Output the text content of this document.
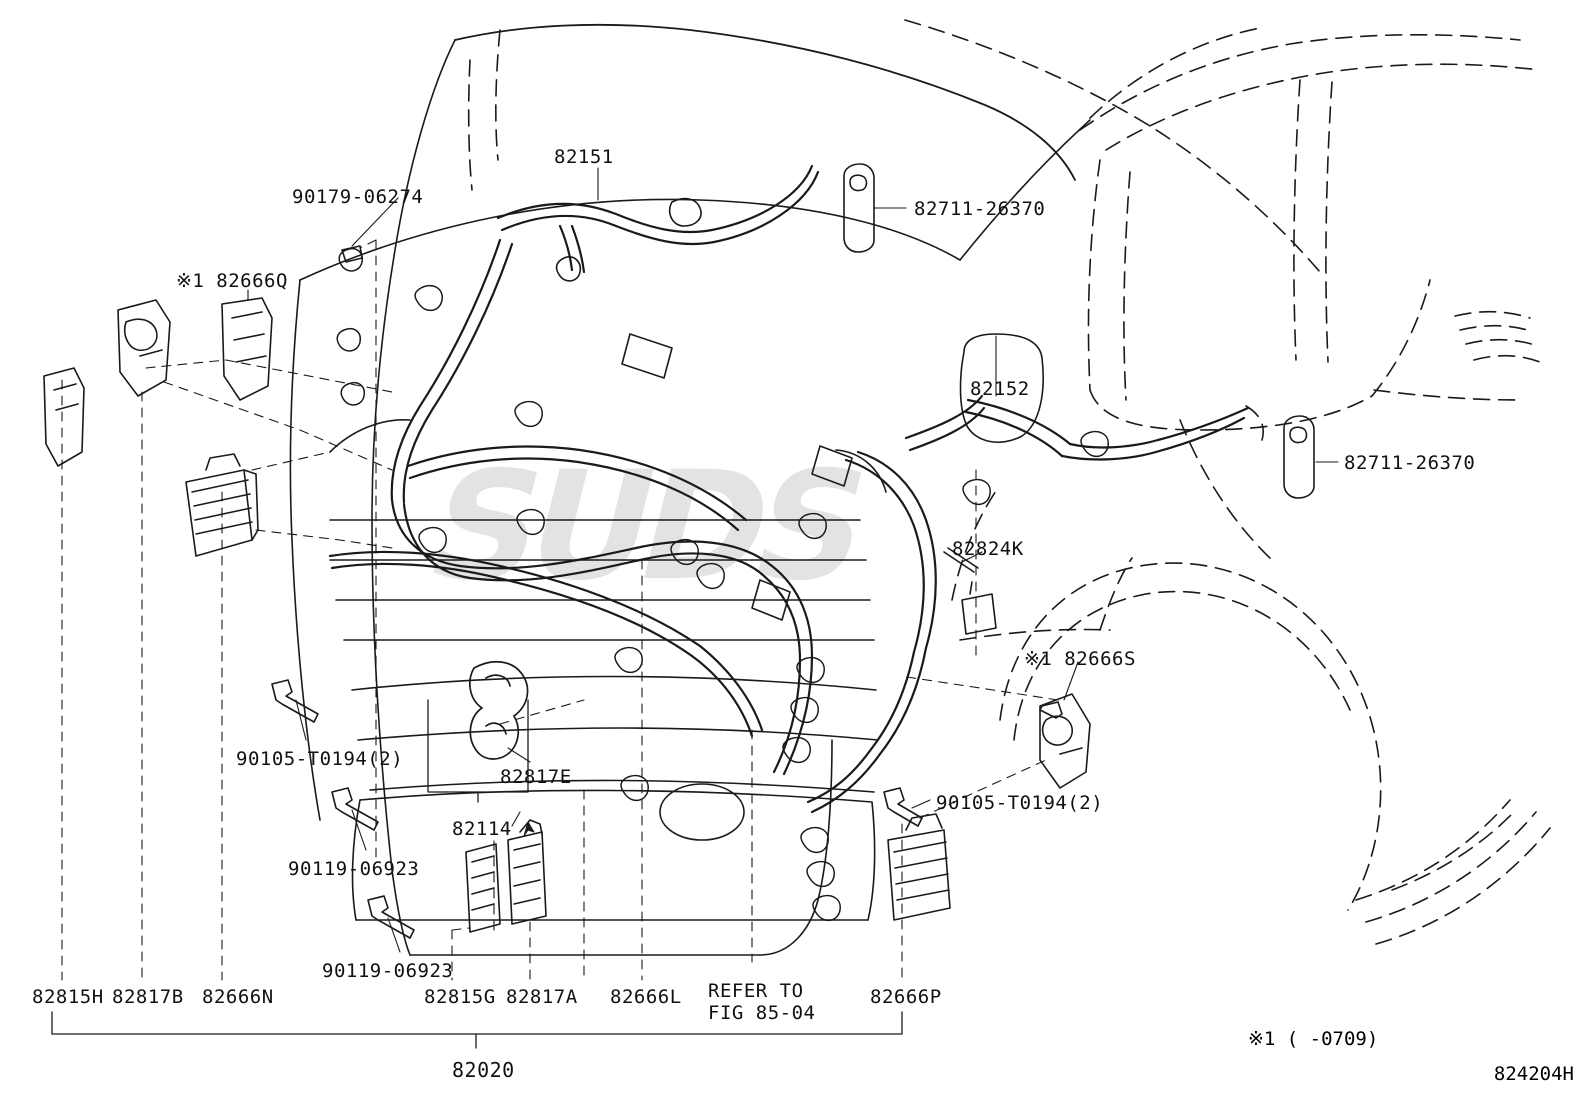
SUDS
82151
90179-06274
82711-26370
※1 82666Q
82152
82711-26370
82824K
※1 82666S
90105-T0194(2)
82817E
90105-T0194(2)
82114
90119-06923
90119-06923
82815H 82817B 82666N	82815G 82817A 82666L	82666P
REFER TO
FIG 85-04
82020
※1 ( -0709)
824204H
